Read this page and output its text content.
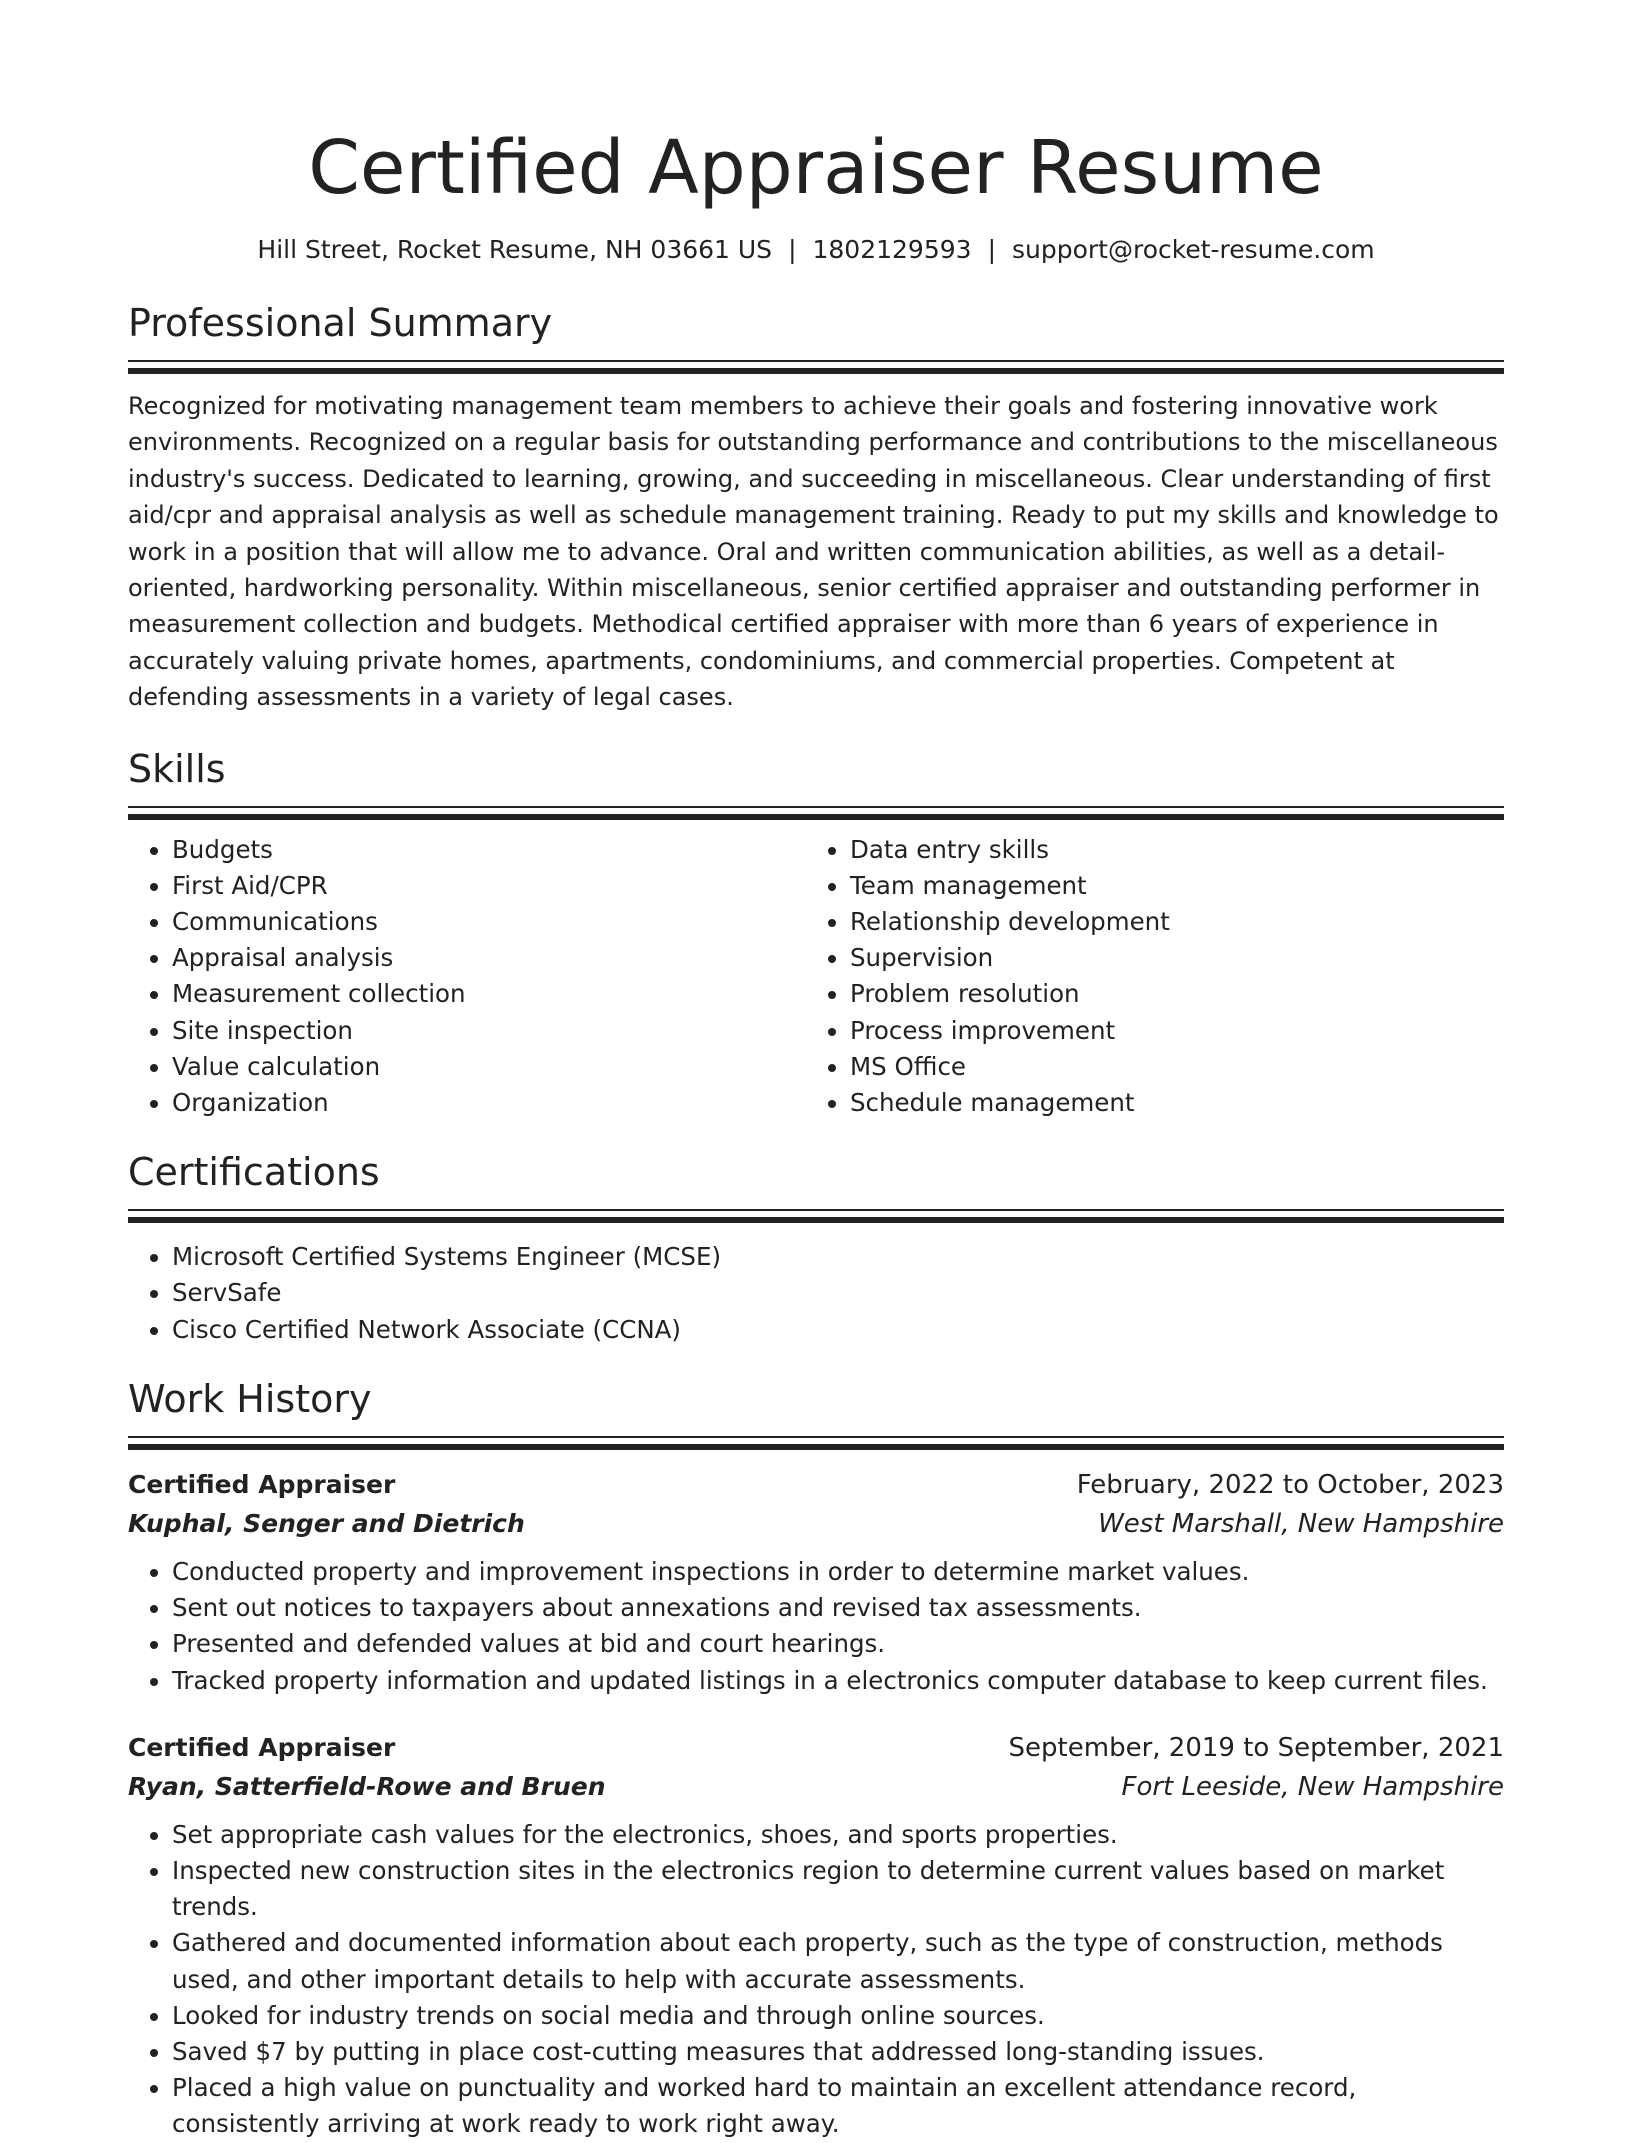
Certified Appraiser Resume
Hill Street, Rocket Resume, NH 03661 US | 1802129593 | support@rocket-resume.com
Professional Summary
Recognized for motivating management team members to achieve their goals and fostering innovative work environments. Recognized on a regular basis for outstanding performance and contributions to the miscellaneous industry's success. Dedicated to learning, growing, and succeeding in miscellaneous. Clear understanding of first aid/cpr and appraisal analysis as well as schedule management training. Ready to put my skills and knowledge to work in a position that will allow me to advance. Oral and written communication abilities, as well as a detail-oriented, hardworking personality. Within miscellaneous, senior certified appraiser and outstanding performer in measurement collection and budgets. Methodical certified appraiser with more than 6 years of experience in accurately valuing private homes, apartments, condominiums, and commercial properties. Competent at defending assessments in a variety of legal cases.
Skills
• Budgets
• First Aid/CPR
• Communications
• Appraisal analysis
• Measurement collection
• Site inspection
• Value calculation
• Organization
• Data entry skills
• Team management
• Relationship development
• Supervision
• Problem resolution
• Process improvement
• MS Office
• Schedule management
Certifications
• Microsoft Certified Systems Engineer (MCSE)
• ServSafe
• Cisco Certified Network Associate (CCNA)
Work History
Certified Appraiser	February, 2022 to October, 2023
Kuphal, Senger and Dietrich	West Marshall, New Hampshire
• Conducted property and improvement inspections in order to determine market values.
• Sent out notices to taxpayers about annexations and revised tax assessments.
• Presented and defended values at bid and court hearings.
• Tracked property information and updated listings in a electronics computer database to keep current files.
Certified Appraiser	September, 2019 to September, 2021
Ryan, Satterfield-Rowe and Bruen	Fort Leeside, New Hampshire
• Set appropriate cash values for the electronics, shoes, and sports properties.
• Inspected new construction sites in the electronics region to determine current values based on market trends.
• Gathered and documented information about each property, such as the type of construction, methods used, and other important details to help with accurate assessments.
• Looked for industry trends on social media and through online sources.
• Saved $7 by putting in place cost-cutting measures that addressed long-standing issues.
• Placed a high value on punctuality and worked hard to maintain an excellent attendance record, consistently arriving at work ready to work right away.
